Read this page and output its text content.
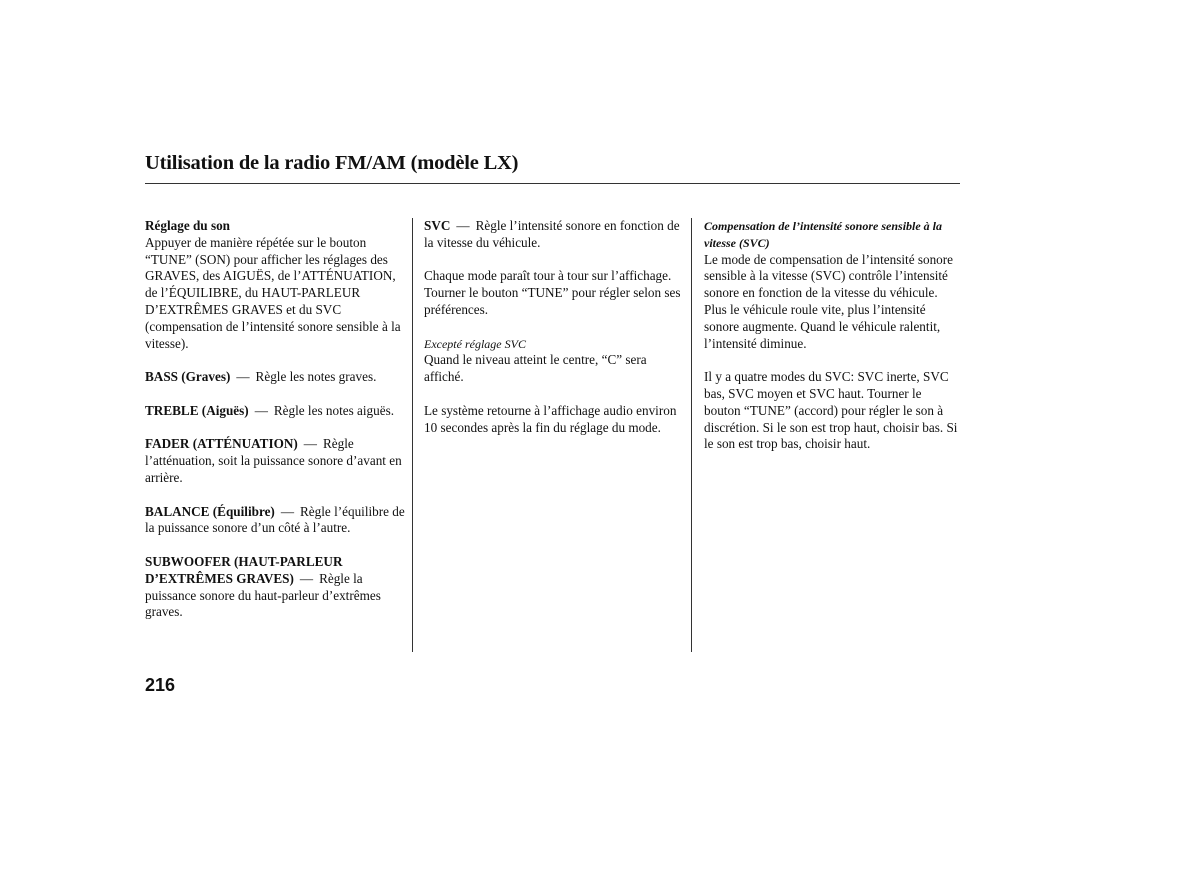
Utilisation de la radio FM/AM (modèle LX)
Réglage du son

Appuyer de manière répétée sur le bouton “TUNE” (SON) pour afficher les réglages des GRAVES, des AIGUËS, de l’ATTÉNUATION, de l’ÉQUILIBRE, du HAUT-PARLEUR D’EXTRÊMES GRAVES et du SVC (compensation de l’intensité sonore sensible à la vitesse).

BASS (Graves) — Règle les notes graves.

TREBLE (Aiguës) — Règle les notes aiguës.

FADER (ATTÉNUATION) — Règle l’atténuation, soit la puissance sonore d’avant en arrière.

BALANCE (Équilibre) — Règle l’équilibre de la puissance sonore d’un côté à l’autre.

SUBWOOFER (HAUT-PARLEUR D’EXTRÊMES GRAVES) — Règle la puissance sonore du haut-parleur d’extrêmes graves.

SVC — Règle l’intensité sonore en fonction de la vitesse du véhicule.

Chaque mode paraît tour à tour sur l’affichage. Tourner le bouton “TUNE” pour régler selon ses préférences.

Excepté réglage SVC

Quand le niveau atteint le centre, “C” sera affiché.

Le système retourne à l’affichage audio environ 10 secondes après la fin du réglage du mode.

Compensation de l’intensité sonore sensible à la vitesse (SVC)

Le mode de compensation de l’intensité sonore sensible à la vitesse (SVC) contrôle l’intensité sonore en fonction de la vitesse du véhicule. Plus le véhicule roule vite, plus l’intensité sonore augmente. Quand le véhicule ralentit, l’intensité diminue.

Il y a quatre modes du SVC: SVC inerte, SVC bas, SVC moyen et SVC haut. Tourner le bouton “TUNE” (accord) pour régler le son à discrétion. Si le son est trop haut, choisir bas. Si le son est trop bas, choisir haut.

216
